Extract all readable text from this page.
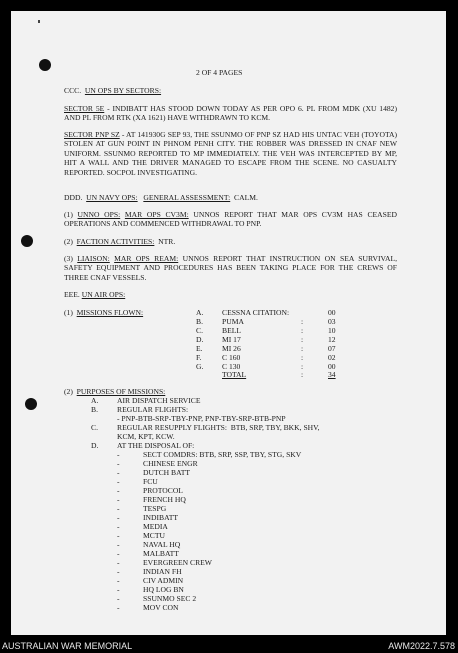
2 OF 4 PAGES
CCC. UN OPS BY SECTORS:
SECTOR 5E - INDIBATT HAS STOOD DOWN TODAY AS PER OPO 6. PL FROM MDK (XU 1482) AND PL FROM RTK (XA 1621) HAVE WITHDRAWN TO KCM.
SECTOR PNP SZ - AT 141930G SEP 93, THE SSUNMO OF PNP SZ HAD HIS UNTAC VEH (TOYOTA) STOLEN AT GUN POINT IN PHNOM PENH CITY. THE ROBBER WAS DRESSED IN CNAF NEW UNIFORM. SSUNMO REPORTED TO MP IMMEDIATELY. THE VEH WAS INTERCEPTED BY MP, HIT A WALL AND THE DRIVER MANAGED TO ESCAPE FROM THE SCENE. NO CASUALTY REPORTED. SOCPOL INVESTIGATING.
DDD. UN NAVY OPS: GENERAL ASSESSMENT: CALM.
(1) UNNO OPS: MAR OPS CV3M: UNNOS REPORT THAT MAR OPS CV3M HAS CEASED OPERATIONS AND COMMENCED WITHDRAWAL TO PNP.
(2) FACTION ACTIVITIES: NTR.
(3) LIAISON: MAR OPS REAM: UNNOS REPORT THAT INSTRUCTION ON SEA SURVIVAL, SAFETY EQUIPMENT AND PROCEDURES HAS BEEN TAKING PLACE FOR THE CREWS OF THREE CNAF VESSELS.
EEE. UN AIR OPS:
(1) MISSIONS FLOWN:	A. CESSNA CITATION:	00
B.	PUMA	:	03
C.	BELL	:	10
D. MI 17	:	12
E.	MI 26	:	07
F.	C 160	:	02
G. C 130	:	00
TOTAL	:	34
(2) PURPOSES OF MISSIONS:
A. AIR DISPATCH SERVICE
B.	REGULAR FLIGHTS:
- PNP-BTB-SRP-TBY-PNP, PNP-TBY-SRP-BTB-PNP
C.	REGULAR RESUPPLY FLIGHTS:  BTB, SRP, TBY, BKK, SHV,
KCM, KPT, KCW.
D. AT THE DISPOSAL OF:
-	SECT COMDRS: BTB, SRP, SSP, TBY, STG, SKV
-	CHINESE ENGR
-	DUTCH BATT
-	FCU
-	PROTOCOL
-	FRENCH HQ
-	TESPG
-	INDIBATT
-	MEDIA
-	MCTU
-	NAVAL HQ
-	MALBATT
-	EVERGREEN CREW
-	INDIAN FH
-	CIV ADMIN
-	HQ LOG BN
-	SSUNMO SEC 2
-	MOV CON
AUSTRALIAN WAR MEMORIAL	AWM2022.7.578
